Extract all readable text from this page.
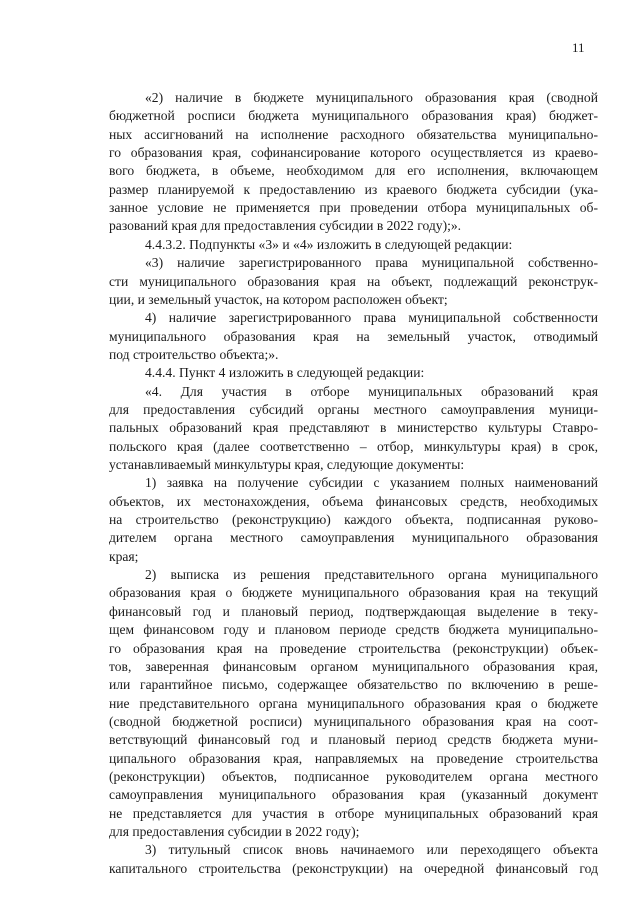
11
«2) наличие в бюджете муниципального образования края (сводной
бюджетной росписи бюджета муниципального образования края) бюджет-
ных ассигнований на исполнение расходного обязательства муниципально-
го образования края, софинансирование которого осуществляется из краево-
вого бюджета, в объеме, необходимом для его исполнения, включающем
размер планируемой к предоставлению из краевого бюджета субсидии (ука-
занное условие не применяется при проведении отбора муниципальных об-
разований края для предоставления субсидии в 2022 году);».
4.4.3.2. Подпункты «3» и «4» изложить в следующей редакции:
«3) наличие зарегистрированного права муниципальной собственно-
сти муниципального образования края на объект, подлежащий реконструк-
ции, и земельный участок, на котором расположен объект;
4) наличие зарегистрированного права муниципальной собственности
муниципального образования края на земельный участок, отводимый
под строительство объекта;».
4.4.4. Пункт 4 изложить в следующей редакции:
«4. Для участия в отборе муниципальных образований края
для предоставления субсидий органы местного самоуправления муници-
пальных образований края представляют в министерство культуры Ставро-
польского края (далее соответственно – отбор, минкультуры края) в срок,
устанавливаемый минкультуры края, следующие документы:
1) заявка на получение субсидии с указанием полных наименований
объектов, их местонахождения, объема финансовых средств, необходимых
на строительство (реконструкцию) каждого объекта, подписанная руково-
дителем органа местного самоуправления муниципального образования
края;
2) выписка из решения представительного органа муниципального
образования края о бюджете муниципального образования края на текущий
финансовый год и плановый период, подтверждающая выделение в теку-
щем финансовом году и плановом периоде средств бюджета муниципально-
го образования края на проведение строительства (реконструкции) объек-
тов, заверенная финансовым органом муниципального образования края,
или гарантийное письмо, содержащее обязательство по включению в реше-
ние представительного органа муниципального образования края о бюджете
(сводной бюджетной росписи) муниципального образования края на соот-
ветствующий финансовый год и плановый период средств бюджета муни-
ципального образования края, направляемых на проведение строительства
(реконструкции) объектов, подписанное руководителем органа местного
самоуправления муниципального образования края (указанный документ
не представляется для участия в отборе муниципальных образований края
для предоставления субсидии в 2022 году);
3) титульный список вновь начинаемого или переходящего объекта
капитального строительства (реконструкции) на очередной финансовый год
